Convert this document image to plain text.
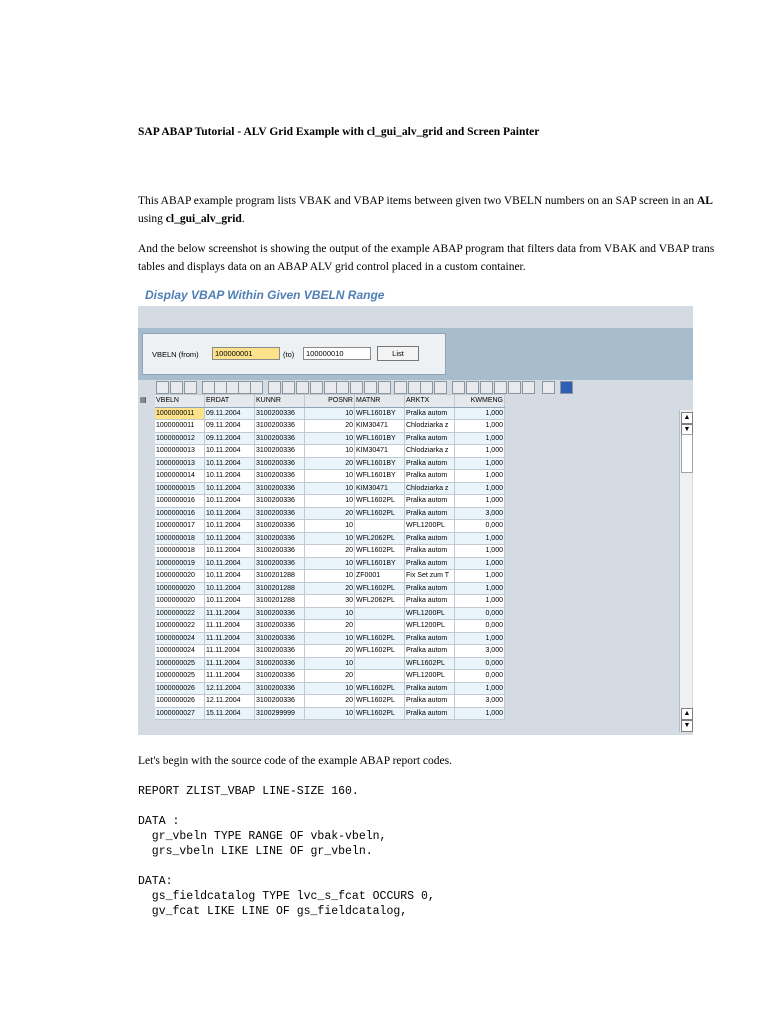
SAP ABAP Tutorial - ALV Grid Example with cl_gui_alv_grid and Screen Painter
This ABAP example program lists VBAK and VBAP items between given two VBELN numbers on an SAP screen in an AL
using cl_gui_alv_grid.
And the below screenshot is showing the output of the example ABAP program that filters data from VBAK and VBAP trans
tables and displays data on an ABAP ALV grid control placed in a custom container.
Display VBAP Within Given VBELN Range
VBELN (from)	100000001	(to)	100000010	List
▤	VBELN	ERDAT	KUNNR	POSNR	MATNR	ARKTX	KWMENG
	1000000011	09.11.2004	3100200336	10	WFL1601BY	Pralka autom	1,000
	1000000011	09.11.2004	3100200336	20	KIM30471	Chlodziarka z	1,000
	1000000012	09.11.2004	3100200336	10	WFL1601BY	Pralka autom	1,000
	1000000013	10.11.2004	3100200336	10	KIM30471	Chlodziarka z	1,000
	1000000013	10.11.2004	3100200336	20	WFL1601BY	Pralka autom	1,000
	1000000014	10.11.2004	3100200336	10	WFL1601BY	Pralka autom	1,000
	1000000015	10.11.2004	3100200336	10	KIM30471	Chlodziarka z	1,000
	1000000016	10.11.2004	3100200336	10	WFL1602PL	Pralka autom	1,000
	1000000016	10.11.2004	3100200336	20	WFL1602PL	Pralka autom	3,000
	1000000017	10.11.2004	3100200336	10		WFL1200PL	0,000
	1000000018	10.11.2004	3100200336	10	WFL2062PL	Pralka autom	1,000
	1000000018	10.11.2004	3100200336	20	WFL1602PL	Pralka autom	1,000
	1000000019	10.11.2004	3100200336	10	WFL1601BY	Pralka autom	1,000
	1000000020	10.11.2004	3100201288	10	ZF0001	Fix Set zum T	1,000
	1000000020	10.11.2004	3100201288	20	WFL1602PL	Pralka autom	1,000
	1000000020	10.11.2004	3100201288	30	WFL2062PL	Pralka autom	1,000
	1000000022	11.11.2004	3100200336	10		WFL1200PL	0,000
	1000000022	11.11.2004	3100200336	20		WFL1200PL	0,000
	1000000024	11.11.2004	3100200336	10	WFL1602PL	Pralka autom	1,000
	1000000024	11.11.2004	3100200336	20	WFL1602PL	Pralka autom	3,000
	1000000025	11.11.2004	3100200336	10		WFL1602PL	0,000
	1000000025	11.11.2004	3100200336	20		WFL1200PL	0,000
	1000000026	12.11.2004	3100200336	10	WFL1602PL	Pralka autom	1,000
	1000000026	12.11.2004	3100200336	20	WFL1602PL	Pralka autom	3,000
	1000000027	15.11.2004	3100299999	10	WFL1602PL	Pralka autom	1,000
▲
▼
▲
▼
Let's begin with the source code of the example ABAP report codes.
REPORT ZLIST_VBAP LINE-SIZE 160.

DATA :
gr_vbeln TYPE RANGE OF vbak-vbeln,
grs_vbeln LIKE LINE OF gr_vbeln.

DATA:
gs_fieldcatalog TYPE lvc_s_fcat OCCURS 0,
gv_fcat LIKE LINE OF gs_fieldcatalog,
